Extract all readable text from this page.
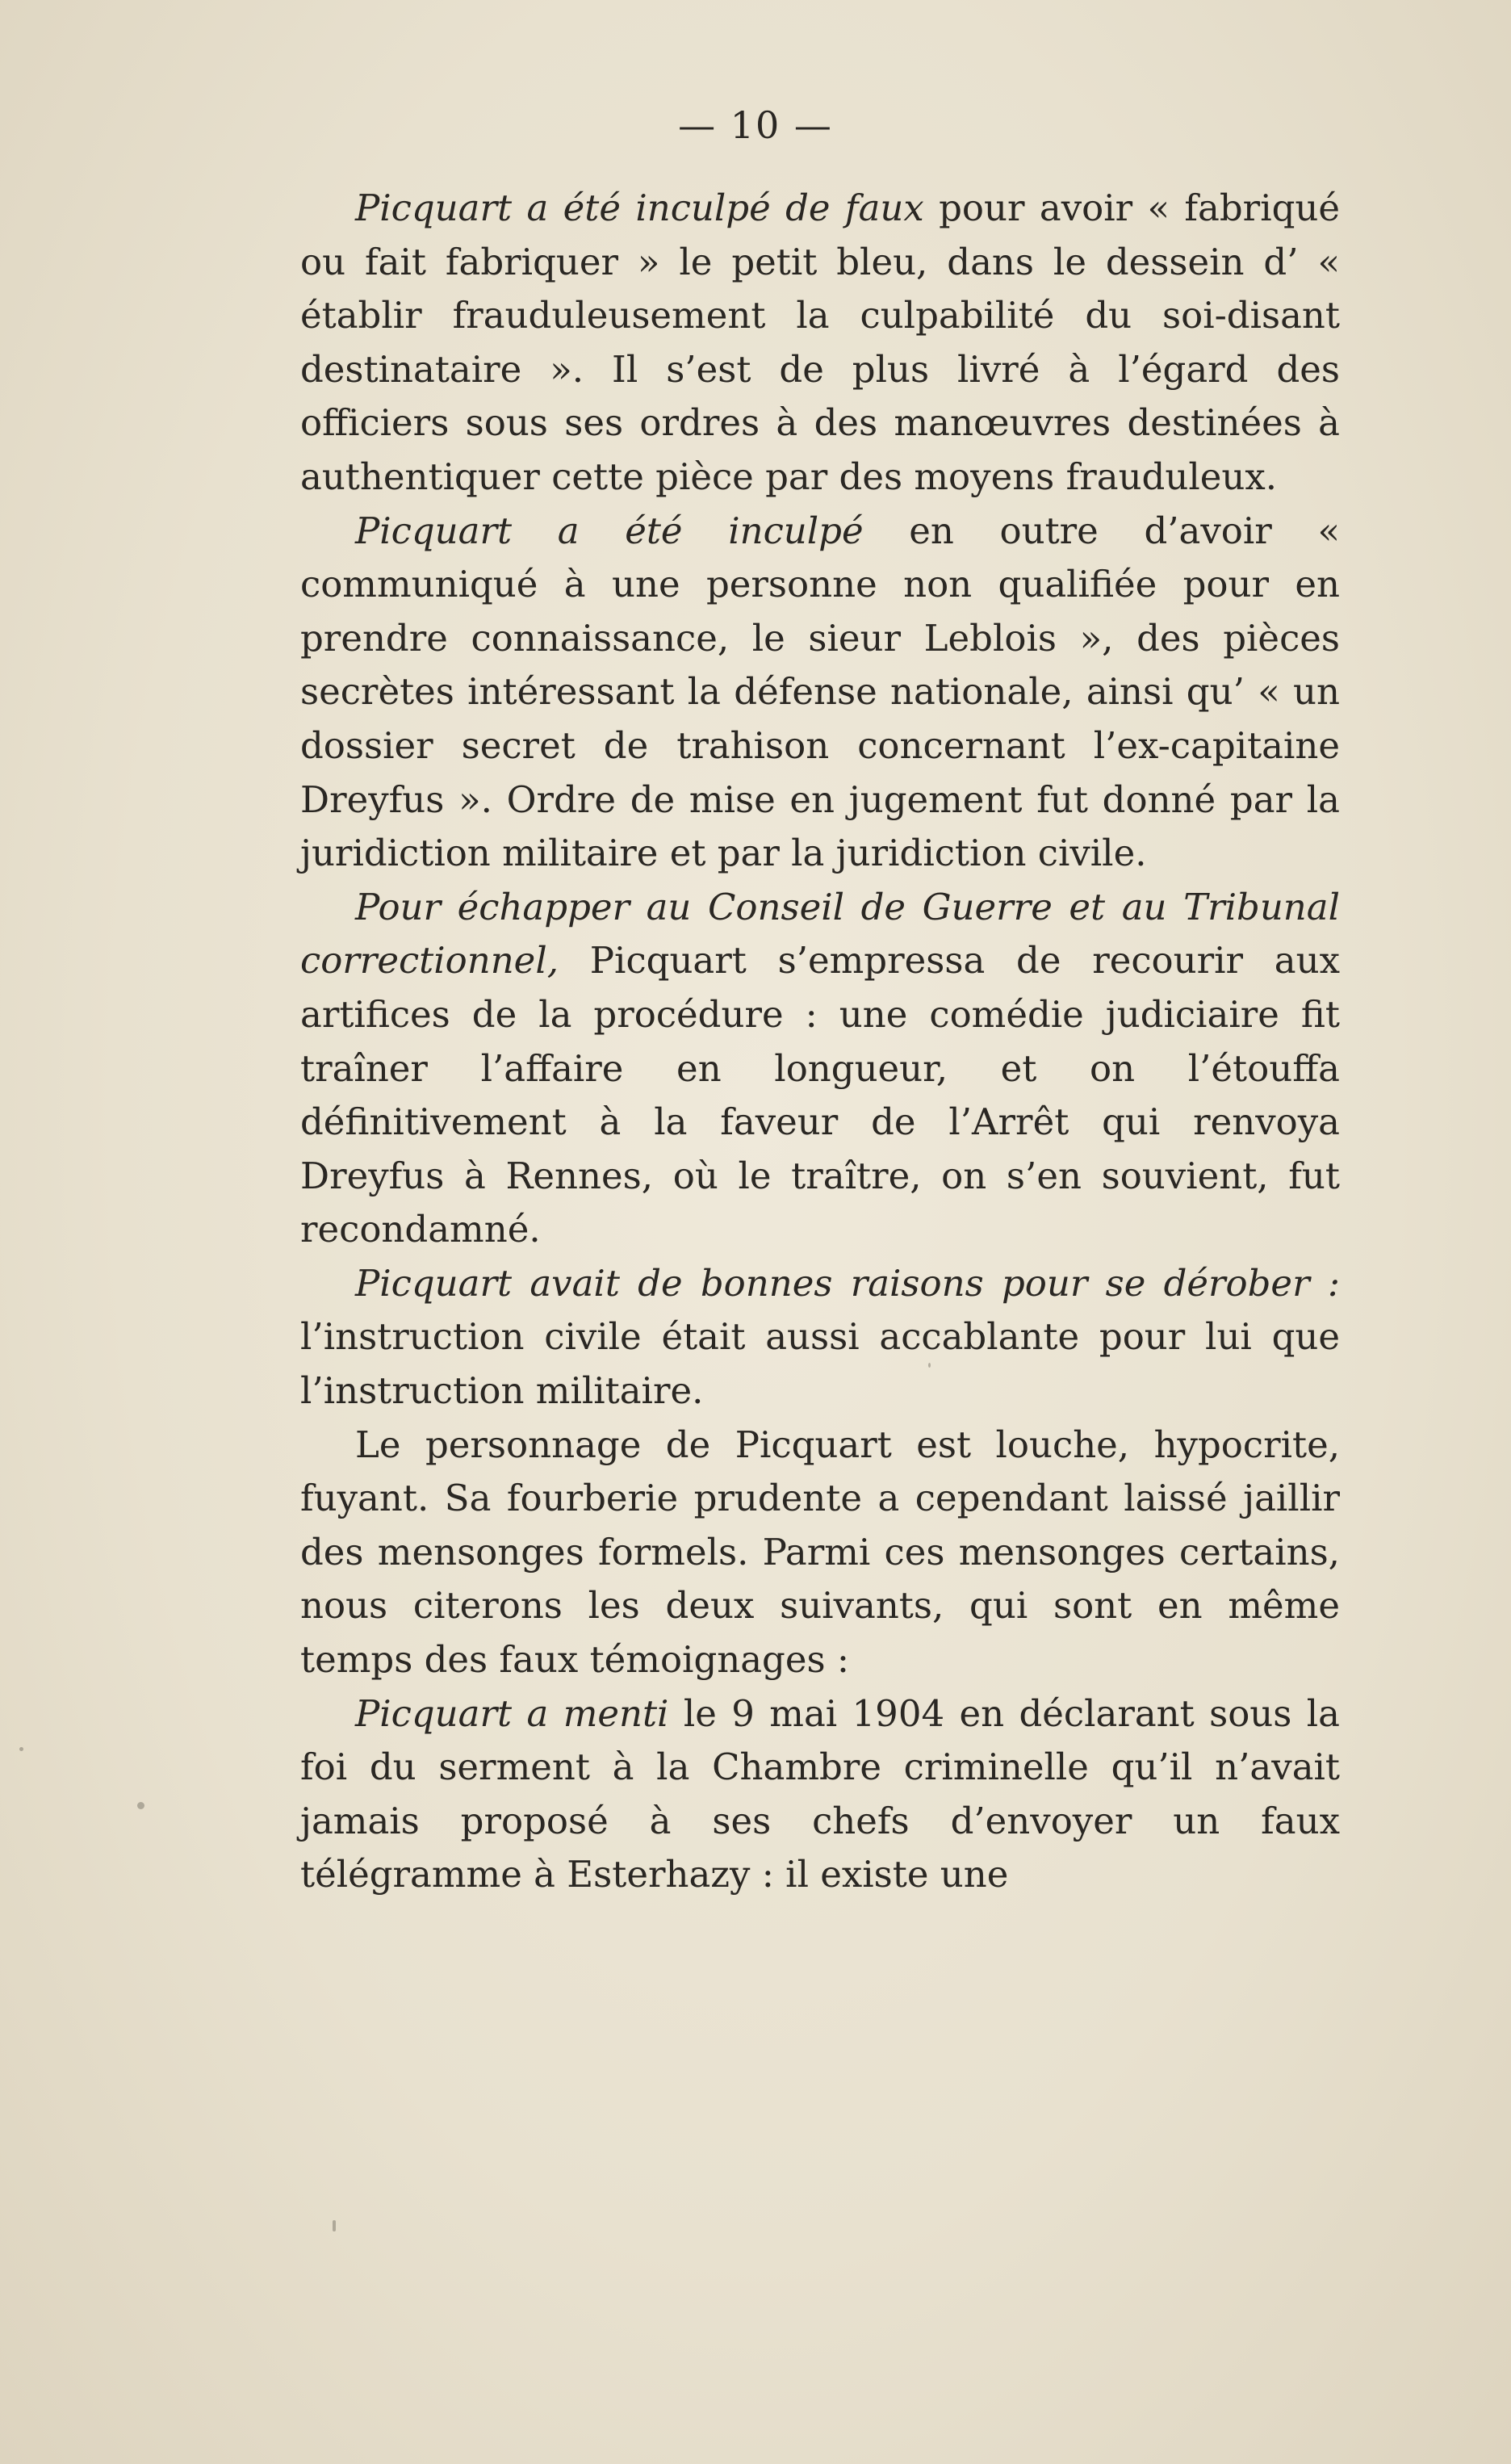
— 10 —

Picquart a été inculpé de faux pour avoir « fabriqué ou fait fabriquer » le petit bleu, dans le dessein d’ « établir frauduleusement la culpabilité du soi-disant destinataire ». Il s’est de plus livré à l’égard des officiers sous ses ordres à des manœuvres destinées à authentiquer cette pièce par des moyens frauduleux.

Picquart a été inculpé en outre d’avoir « communiqué à une personne non qualifiée pour en prendre connaissance, le sieur Leblois », des pièces secrètes intéressant la défense nationale, ainsi qu’ « un dossier secret de trahison concernant l’ex-capitaine Dreyfus ». Ordre de mise en jugement fut donné par la juridiction militaire et par la juridiction civile.

Pour échapper au Conseil de Guerre et au Tribunal correctionnel, Picquart s’empressa de recourir aux artifices de la procédure : une comédie judiciaire fit traîner l’affaire en longueur, et on l’étouffa définitivement à la faveur de l’Arrêt qui renvoya Dreyfus à Rennes, où le traître, on s’en souvient, fut recondamné.

Picquart avait de bonnes raisons pour se dérober : l’instruction civile était aussi accablante pour lui que l’instruction militaire.

Le personnage de Picquart est louche, hypocrite, fuyant. Sa fourberie prudente a cependant laissé jaillir des mensonges formels. Parmi ces mensonges certains, nous citerons les deux suivants, qui sont en même temps des faux témoignages :

Picquart a menti le 9 mai 1904 en déclarant sous la foi du serment à la Chambre criminelle qu’il n’avait jamais proposé à ses chefs d’envoyer un faux télégramme à Esterhazy : il existe une
